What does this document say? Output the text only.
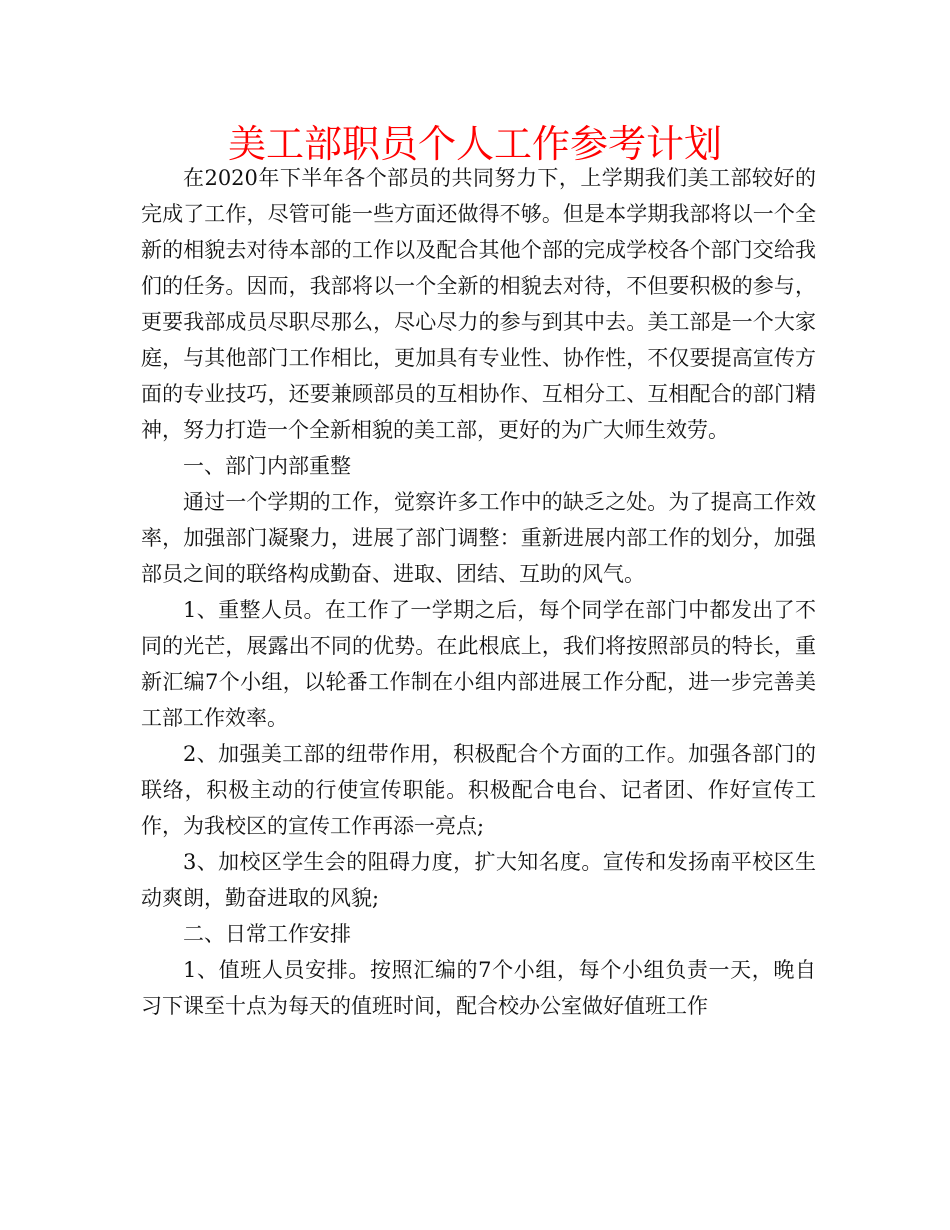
美工部职员个人工作参考计划

在2020年下半年各个部员的共同努力下，上学期我们美工部较好的完成了工作，尽管可能一些方面还做得不够。但是本学期我部将以一个全新的相貌去对待本部的工作以及配合其他个部的完成学校各个部门交给我们的任务。因而，我部将以一个全新的相貌去对待，不但要积极的参与，更要我部成员尽职尽那么，尽心尽力的参与到其中去。美工部是一个大家庭，与其他部门工作相比，更加具有专业性、协作性，不仅要提高宣传方面的专业技巧，还要兼顾部员的互相协作、互相分工、互相配合的部门精神，努力打造一个全新相貌的美工部，更好的为广大师生效劳。

一、部门内部重整

通过一个学期的工作，觉察许多工作中的缺乏之处。为了提高工作效率，加强部门凝聚力，进展了部门调整：重新进展内部工作的划分，加强部员之间的联络构成勤奋、进取、团结、互助的风气。

1、重整人员。在工作了一学期之后，每个同学在部门中都发出了不同的光芒，展露出不同的优势。在此根底上，我们将按照部员的特长，重新汇编7个小组，以轮番工作制在小组内部进展工作分配，进一步完善美工部工作效率。

2、加强美工部的纽带作用，积极配合个方面的工作。加强各部门的联络，积极主动的行使宣传职能。积极配合电台、记者团、作好宣传工作，为我校区的宣传工作再添一亮点;

3、加校区学生会的阻碍力度，扩大知名度。宣传和发扬南平校区生动爽朗，勤奋进取的风貌;

二、日常工作安排

1、值班人员安排。按照汇编的7个小组，每个小组负责一天，晚自习下课至十点为每天的值班时间，配合校办公室做好值班工作
